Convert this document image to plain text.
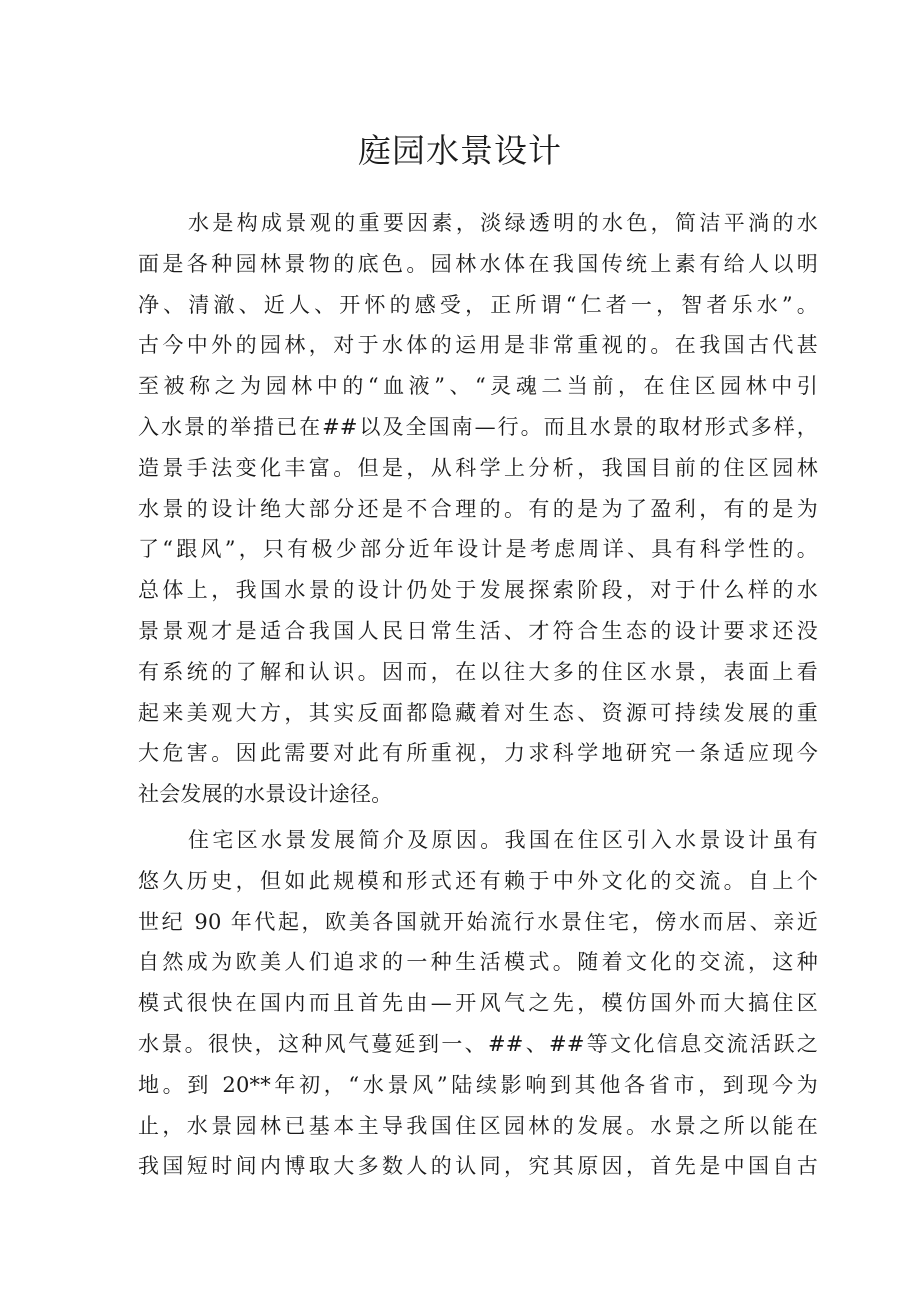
庭园水景设计
水是构成景观的重要因素，淡绿透明的水色，简洁平淌的水
面是各种园林景物的底色。园林水体在我国传统上素有给人以明
净、清澈、近人、开怀的感受，正所谓“仁者一，智者乐水”。
古今中外的园林，对于水体的运用是非常重视的。在我国古代甚
至被称之为园林中的“血液”、“灵魂二当前，在住区园林中引
入水景的举措已在##以及全国南—行。而且水景的取材形式多样，
造景手法变化丰富。但是，从科学上分析，我国目前的住区园林
水景的设计绝大部分还是不合理的。有的是为了盈利，有的是为
了“跟风”，只有极少部分近年设计是考虑周详、具有科学性的。
总体上，我国水景的设计仍处于发展探索阶段，对于什么样的水
景景观才是适合我国人民日常生活、才符合生态的设计要求还没
有系统的了解和认识。因而，在以往大多的住区水景，表面上看
起来美观大方，其实反面都隐藏着对生态、资源可持续发展的重
大危害。因此需要对此有所重视，力求科学地研究一条适应现今
社会发展的水景设计途径。
住宅区水景发展简介及原因。我国在住区引入水景设计虽有
悠久历史，但如此规模和形式还有赖于中外文化的交流。自上个
世纪 90 年代起，欧美各国就开始流行水景住宅，傍水而居、亲近
自然成为欧美人们追求的一种生活模式。随着文化的交流，这种
模式很快在国内而且首先由—开风气之先，模仿国外而大搞住区
水景。很快，这种风气蔓延到一、##、##等文化信息交流活跃之
地。到 20**年初，“水景风”陆续影响到其他各省市，到现今为
止，水景园林已基本主导我国住区园林的发展。水景之所以能在
我国短时间内博取大多数人的认同，究其原因，首先是中国自古
